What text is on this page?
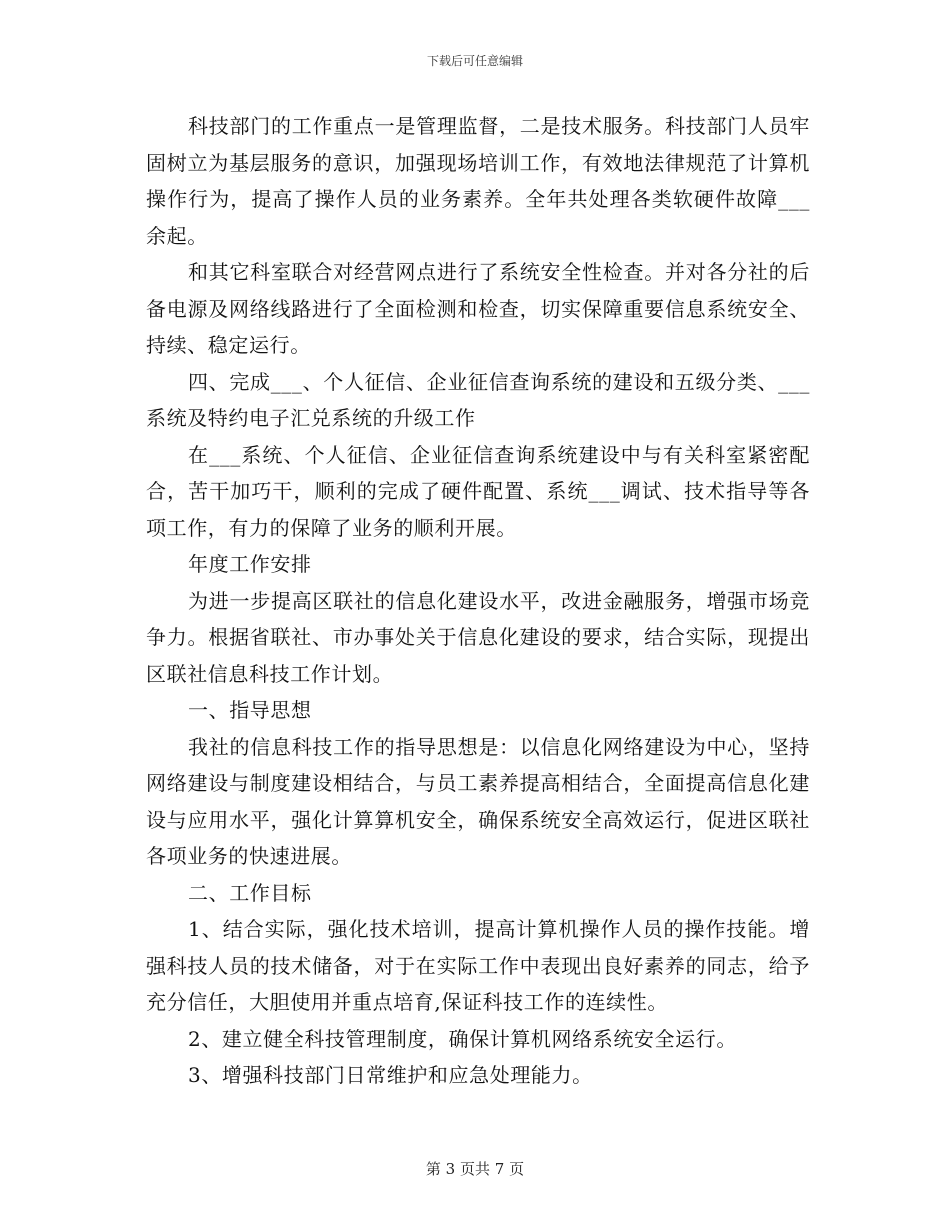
下载后可任意编辑

科技部门的工作重点一是管理监督，二是技术服务。科技部门人员牢固树立为基层服务的意识，加强现场培训工作，有效地法律规范了计算机操作行为，提高了操作人员的业务素养。全年共处理各类软硬件故障___余起。

和其它科室联合对经营网点进行了系统安全性检查。并对各分社的后备电源及网络线路进行了全面检测和检查，切实保障重要信息系统安全、持续、稳定运行。

四、完成___、个人征信、企业征信查询系统的建设和五级分类、___系统及特约电子汇兑系统的升级工作

在___系统、个人征信、企业征信查询系统建设中与有关科室紧密配合，苦干加巧干，顺利的完成了硬件配置、系统___调试、技术指导等各项工作，有力的保障了业务的顺利开展。

年度工作安排

为进一步提高区联社的信息化建设水平，改进金融服务，增强市场竞争力。根据省联社、市办事处关于信息化建设的要求，结合实际，现提出区联社信息科技工作计划。

一、指导思想

我社的信息科技工作的指导思想是：以信息化网络建设为中心，坚持网络建设与制度建设相结合，与员工素养提高相结合，全面提高信息化建设与应用水平，强化计算算机安全，确保系统安全高效运行，促进区联社各项业务的快速进展。

二、工作目标

1、结合实际，强化技术培训，提高计算机操作人员的操作技能。增强科技人员的技术储备，对于在实际工作中表现出良好素养的同志，给予充分信任，大胆使用并重点培育,保证科技工作的连续性。

2、建立健全科技管理制度，确保计算机网络系统安全运行。

3、增强科技部门日常维护和应急处理能力。

第 3 页共 7 页
